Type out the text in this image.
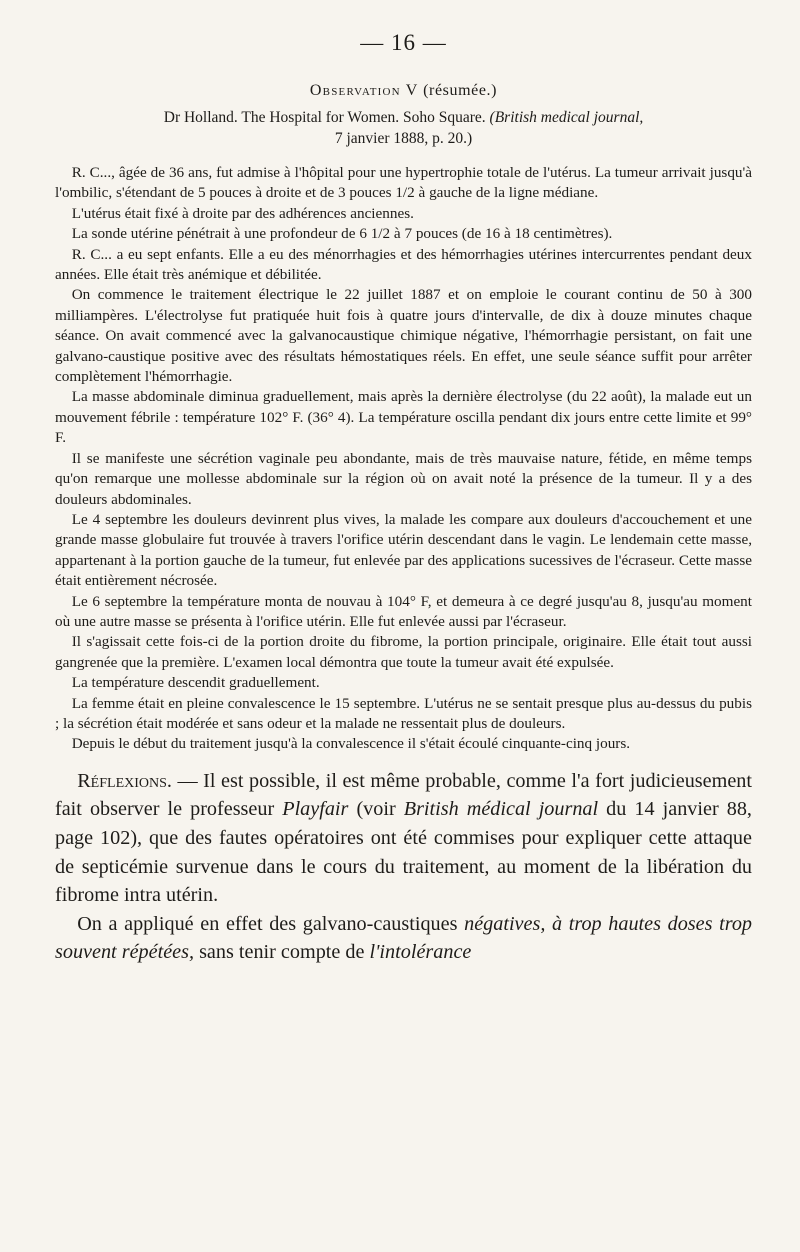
— 16 —
Observation V (résumée.)
Dr Holland. The Hospital for Women. Soho Square. (British medical journal,
7 janvier 1888, p. 20.)

R. C..., âgée de 36 ans, fut admise à l'hôpital pour une hypertrophie totale de l'utérus. La tumeur arrivait jusqu'à l'ombilic, s'étendant de 5 pouces à droite et de 3 pouces 1/2 à gauche de la ligne médiane.

L'utérus était fixé à droite par des adhérences anciennes.

La sonde utérine pénétrait à une profondeur de 6 1/2 à 7 pouces (de 16 à 18 centimètres).

R. C... a eu sept enfants. Elle a eu des ménorrhagies et des hémorrhagies utérines intercurrentes pendant deux années. Elle était très anémique et débilitée.

On commence le traitement électrique le 22 juillet 1887 et on emploie le courant continu de 50 à 300 milliampères. L'électrolyse fut pratiquée huit fois à quatre jours d'intervalle, de dix à douze minutes chaque séance. On avait commencé avec la galvanocaustique chimique négative, l'hémorrhagie persistant, on fait une galvano-caustique positive avec des résultats hémostatiques réels. En effet, une seule séance suffit pour arrêter complètement l'hémorrhagie.

La masse abdominale diminua graduellement, mais après la dernière électrolyse (du 22 août), la malade eut un mouvement fébrile : température 102° F. (36° 4). La température oscilla pendant dix jours entre cette limite et 99° F.

Il se manifeste une sécrétion vaginale peu abondante, mais de très mauvaise nature, fétide, en même temps qu'on remarque une mollesse abdominale sur la région où on avait noté la présence de la tumeur. Il y a des douleurs abdominales.

Le 4 septembre les douleurs devinrent plus vives, la malade les compare aux douleurs d'accouchement et une grande masse globulaire fut trouvée à travers l'orifice utérin descendant dans le vagin. Le lendemain cette masse, appartenant à la portion gauche de la tumeur, fut enlevée par des applications sucessives de l'écraseur. Cette masse était entièrement nécrosée.

Le 6 septembre la température monta de nouvau à 104° F, et demeura à ce degré jusqu'au 8, jusqu'au moment où une autre masse se présenta à l'orifice utérin. Elle fut enlevée aussi par l'écraseur.

Il s'agissait cette fois-ci de la portion droite du fibrome, la portion principale, originaire. Elle était tout aussi gangrenée que la première. L'examen local démontra que toute la tumeur avait été expulsée.

La température descendit graduellement.

La femme était en pleine convalescence le 15 septembre. L'utérus ne se sentait presque plus au-dessus du pubis ; la sécrétion était modérée et sans odeur et la malade ne ressentait plus de douleurs.

Depuis le début du traitement jusqu'à la convalescence il s'était écoulé cinquante-cinq jours.

Réflexions. — Il est possible, il est même probable, comme l'a fort judicieusement fait observer le professeur Playfair (voir British médical journal du 14 janvier 88, page 102), que des fautes opératoires ont été commises pour expliquer cette attaque de septicémie survenue dans le cours du traitement, au moment de la libération du fibrome intra utérin.

On a appliqué en effet des galvano-caustiques négatives, à trop hautes doses trop souvent répétées, sans tenir compte de l'intolérance
